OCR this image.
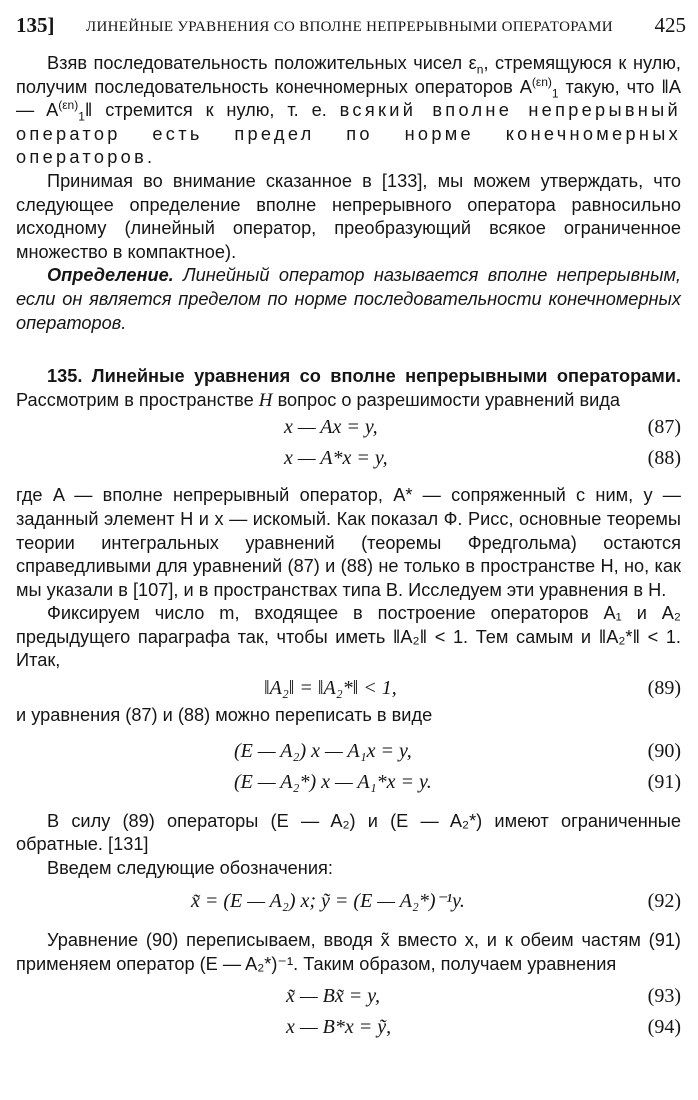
135] ЛИНЕЙНЫЕ УРАВНЕНИЯ СО ВПОЛНЕ НЕПРЕРЫВНЫМИ ОПЕРАТОРАМИ 425

Взяв последовательность положительных чисел $\varepsilon_n$, стремящуюся к нулю, получим последовательность конечномерных операторов $A^{(\varepsilon n)}_1$ такую, что ‖A — $A^{(\varepsilon n)}_1‖$ стремится к нулю, т. е. всякий вполне непрерывный оператор есть предел по норме конечномерных операторов.

Принимая во внимание сказанное в [133], мы можем утверждать, что следующее определение вполне непрерывного оператора равносильно исходному (линейный оператор, преобразующий всякое ограниченное множество в компактное).

Определение. Линейный оператор называется вполне непрерывным, если он является пределом по норме последовательности конечномерных операторов.

135. Линейные уравнения со вполне непрерывными операторами. Рассмотрим в пространстве H вопрос о разрешимости уравнений вида

x — Ax = y,	(87)
x — A*x = y,	(88)

где A — вполне непрерывный оператор, A* — сопряженный с ним, y — заданный элемент H и x — искомый. Как показал Ф. Рисс, основные теоремы теории интегральных уравнений (теоремы Фредгольма) остаются справедливыми для уравнений (87) и (88) не только в пространстве H, но, как мы указали в [107], и в пространствах типа B. Исследуем эти уравнения в H.

Фиксируем число m, входящее в построение операторов A₁ и A₂ предыдущего параграфа так, чтобы иметь ‖A₂‖ < 1. Тем самым и ‖A₂*‖ < 1. Итак,

‖A₂‖ = ‖A₂*‖ < 1,	(89)

и уравнения (87) и (88) можно переписать в виде

(E — A₂) x — A₁x = y,	(90)
(E — A₂*) x — A₁*x = y.	(91)

В силу (89) операторы (E — A₂) и (E — A₂*) имеют ограниченные обратные. [131]

Введем следующие обозначения:

x̃ = (E — A₂) x; ỹ = (E — A₂*)⁻¹y.	(92)

Уравнение (90) переписываем, вводя x̃ вместо x, и к обеим частям (91) применяем оператор (E — A₂*)⁻¹. Таким образом, получаем уравнения

x̃ — Bx̃ = y,	(93)
x — B*x = ỹ,	(94)
